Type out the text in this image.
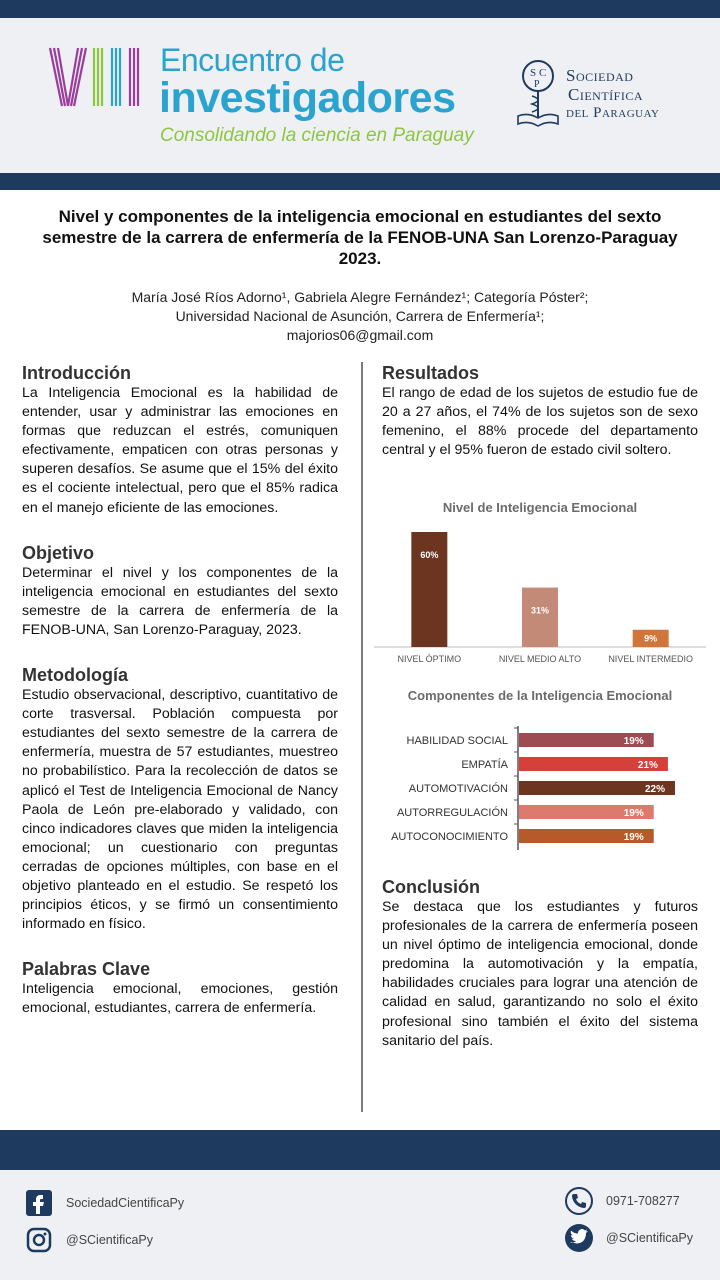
Encuentro de
investigadores
Consolidando la ciencia en Paraguay
S C
P Sociedad
Científica
del Paraguay
Nivel y componentes de la inteligencia emocional en estudiantes del sexto semestre de la carrera de enfermería de la FENOB-UNA San Lorenzo-Paraguay 2023.
María José Ríos Adorno¹, Gabriela Alegre Fernández¹; Categoría Póster²;
Universidad Nacional de Asunción, Carrera de Enfermería¹;
majorios06@gmail.com
Introducción
La Inteligencia Emocional es la habilidad de entender, usar y administrar las emociones en formas que reduzcan el estrés, comuniquen efectivamente, empaticen con otras personas y superen desafíos. Se asume que el 15% del éxito es el cociente intelectual, pero que el 85% radica en el manejo eficiente de las emociones.
Objetivo
Determinar el nivel y los componentes de la inteligencia emocional en estudiantes del sexto semestre de la carrera de enfermería de la FENOB-UNA, San Lorenzo-Paraguay, 2023.
Metodología
Estudio observacional, descriptivo, cuantitativo de corte trasversal. Población compuesta por estudiantes del sexto semestre de la carrera de enfermería, muestra de 57 estudiantes, muestreo no probabilístico. Para la recolección de datos se aplicó el Test de Inteligencia Emocional de Nancy Paola de León pre-elaborado y validado, con cinco indicadores claves que miden la inteligencia emocional; un cuestionario con preguntas cerradas de opciones múltiples, con base en el objetivo planteado en el estudio. Se respetó los principios éticos, y se firmó un consentimiento informado en físico.
Palabras Clave
Inteligencia emocional, emociones, gestión emocional, estudiantes, carrera de enfermería.
Resultados
El rango de edad de los sujetos de estudio fue de 20 a 27 años, el 74% de los sujetos son de sexo femenino, el 88% procede del departamento central y el 95% fueron de estado civil soltero.
Conclusión
Se destaca que los estudiantes y futuros profesionales de la carrera de enfermería poseen un nivel óptimo de inteligencia emocional, donde predomina la automotivación y la empatía, habilidades cruciales para lograr una atención de calidad en salud, garantizando no solo el éxito profesional sino también el éxito del sistema sanitario del país.
Nivel de Inteligencia Emocional
60%
NIVEL ÓPTIMO
31%
NIVEL MEDIO ALTO
9%
NIVEL INTERMEDIO
Componentes de la Inteligencia Emocional
19%
HABILIDAD SOCIAL
21%
EMPATÍA
22%
AUTOMOTIVACIÓN
19%
AUTORREGULACIÓN
19%
AUTOCONOCIMIENTO
SociedadCientificaPy
@SCientificaPy
0971-708277
@SCientificaPy
